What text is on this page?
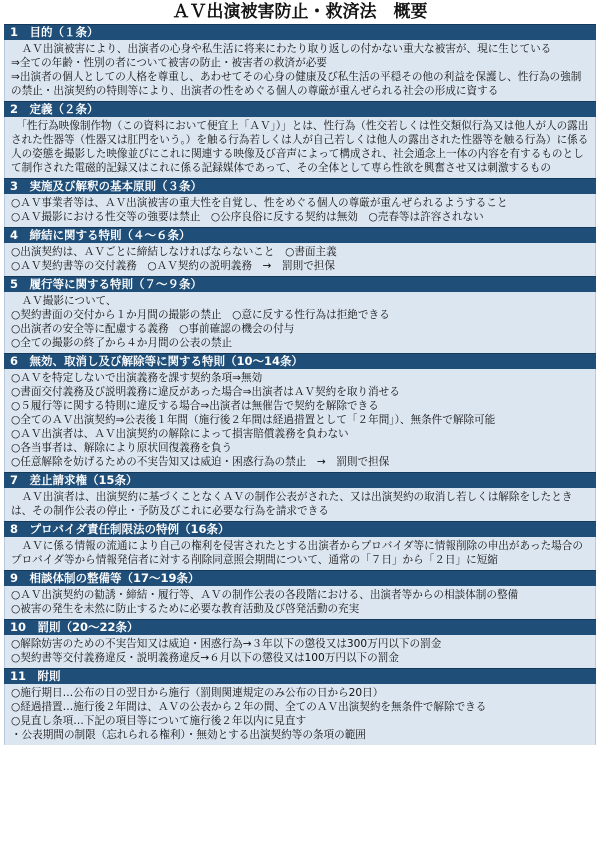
ＡＶ出演被害防止・救済法　概要
1　目的（１条）

　ＡＶ出演被害により、出演者の心身や私生活に将来にわたり取り返しの付かない重大な被害が、現に生じている

⇒全ての年齢・性別の者について被害の防止・被害者の救済が必要

⇒出演者の個人としての人格を尊重し、あわせてその心身の健康及び私生活の平穏その他の利益を保護し、性行為の強制の禁止・出演契約の特則等により、出演者の性をめぐる個人の尊厳が重んぜられる社会の形成に資する

2　定義（２条）

　「性行為映像制作物（この資料において便宜上「ＡＶ」）」とは、性行為（性交若しくは性交類似行為又は他人が人の露出された性器等（性器又は肛門をいう。）を触る行為若しくは人が自己若しくは他人の露出された性器等を触る行為）に係る人の姿態を撮影した映像並びにこれに関連する映像及び音声によって構成され、社会通念上一体の内容を有するものとして制作された電磁的記録又はこれに係る記録媒体であって、その全体として専ら性欲を興奮させ又は刺激するもの

3　実施及び解釈の基本原則（３条）

○ＡＶ事業者等は、ＡＶ出演被害の重大性を自覚し、性をめぐる個人の尊厳が重んぜられるようすること

○ＡＶ撮影における性交等の強要は禁止　○公序良俗に反する契約は無効　○売春等は許容されない

4　締結に関する特則（４～６条）

○出演契約は、ＡＶごとに締結しなければならないこと　○書面主義

○ＡＶ契約書等の交付義務　○ＡＶ契約の説明義務　→　罰則で担保

5　履行等に関する特則（７～９条）

　ＡＶ撮影について、

○契約書面の交付から１か月間の撮影の禁止　○意に反する性行為は拒絶できる

○出演者の安全等に配慮する義務　○事前確認の機会の付与

○全ての撮影の終了から４か月間の公表の禁止

6　無効、取消し及び解除等に関する特則（10～14条）

○ＡＶを特定しないで出演義務を課す契約条項⇒無効

○書面交付義務及び説明義務に違反があった場合⇒出演者はＡＶ契約を取り消せる

○５履行等に関する特則に違反する場合⇒出演者は無催告で契約を解除できる

○全てのＡＶ出演契約⇒公表後１年間（施行後２年間は経過措置として「２年間」）、無条件で解除可能

○ＡＶ出演者は、ＡＶ出演契約の解除によって損害賠償義務を負わない

○各当事者は、解除により原状回復義務を負う

○任意解除を妨げるための不実告知又は威迫・困惑行為の禁止　→　罰則で担保

7　差止請求権（15条）

　ＡＶ出演者は、出演契約に基づくことなくＡＶの制作公表がされた、又は出演契約の取消し若しくは解除をしたときは、その制作公表の停止・予防及びこれに必要な行為を請求できる

8　プロバイダ責任制限法の特例（16条）

　ＡＶに係る情報の流通により自己の権利を侵害されたとする出演者からプロバイダ等に情報削除の申出があった場合のプロバイダ等から情報発信者に対する削除同意照会期間について、通常の「７日」から「２日」に短縮

9　相談体制の整備等（17～19条）

○ＡＶ出演契約の勧誘・締結・履行等、ＡＶの制作公表の各段階における、出演者等からの相談体制の整備

○被害の発生を未然に防止するために必要な教育活動及び啓発活動の充実

10　罰則（20～22条）

○解除妨害のための不実告知又は威迫・困惑行為→３年以下の懲役又は300万円以下の罰金

○契約書等交付義務違反・説明義務違反→６月以下の懲役又は100万円以下の罰金

11　附則

○施行期日…公布の日の翌日から施行（罰則関連規定のみ公布の日から20日）

○経過措置…施行後２年間は、ＡＶの公表から２年の間、全てのＡＶ出演契約を無条件で解除できる

○見直し条項…下記の項目等について施行後２年以内に見直す

・公表期間の制限（忘れられる権利）・無効とする出演契約等の条項の範囲
